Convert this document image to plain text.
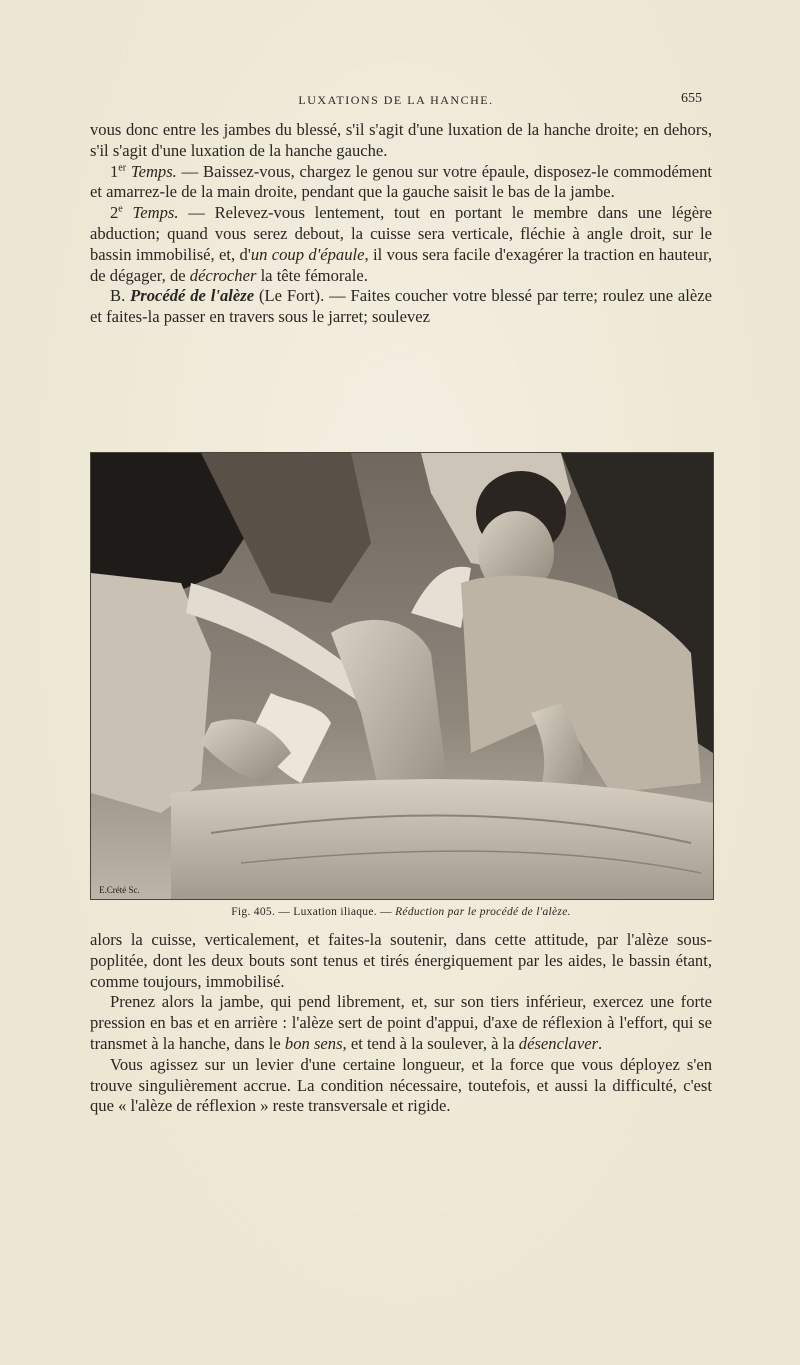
LUXATIONS DE LA HANCHE.	655

vous donc entre les jambes du blessé, s'il s'agit d'une luxation de la hanche droite; en dehors, s'il s'agit d'une luxation de la hanche gauche.

1er Temps. — Baissez-vous, chargez le genou sur votre épaule, disposez-le commodément et amarrez-le de la main droite, pendant que la gauche saisit le bas de la jambe.

2e Temps. — Relevez-vous lentement, tout en portant le membre dans une légère abduction; quand vous serez debout, la cuisse sera verticale, fléchie à angle droit, sur le bassin immobilisé, et, d'un coup d'épaule, il vous sera facile d'exagérer la traction en hauteur, de dégager, de décrocher la tête fémorale.

B. Procédé de l'alèze (Le Fort). — Faites coucher votre blessé par terre; roulez une alèze et faites-la passer en travers sous le jarret; soulevez

E.Crété Sc.
Fig. 405. — Luxation iliaque. — Réduction par le procédé de l'alèze.

alors la cuisse, verticalement, et faites-la soutenir, dans cette attitude, par l'alèze sous-poplitée, dont les deux bouts sont tenus et tirés énergiquement par les aides, le bassin étant, comme toujours, immobilisé.

Prenez alors la jambe, qui pend librement, et, sur son tiers inférieur, exercez une forte pression en bas et en arrière : l'alèze sert de point d'appui, d'axe de réflexion à l'effort, qui se transmet à la hanche, dans le bon sens, et tend à la soulever, à la désenclaver.

Vous agissez sur un levier d'une certaine longueur, et la force que vous déployez s'en trouve singulièrement accrue. La condition nécessaire, toutefois, et aussi la difficulté, c'est que « l'alèze de réflexion » reste transversale et rigide.
